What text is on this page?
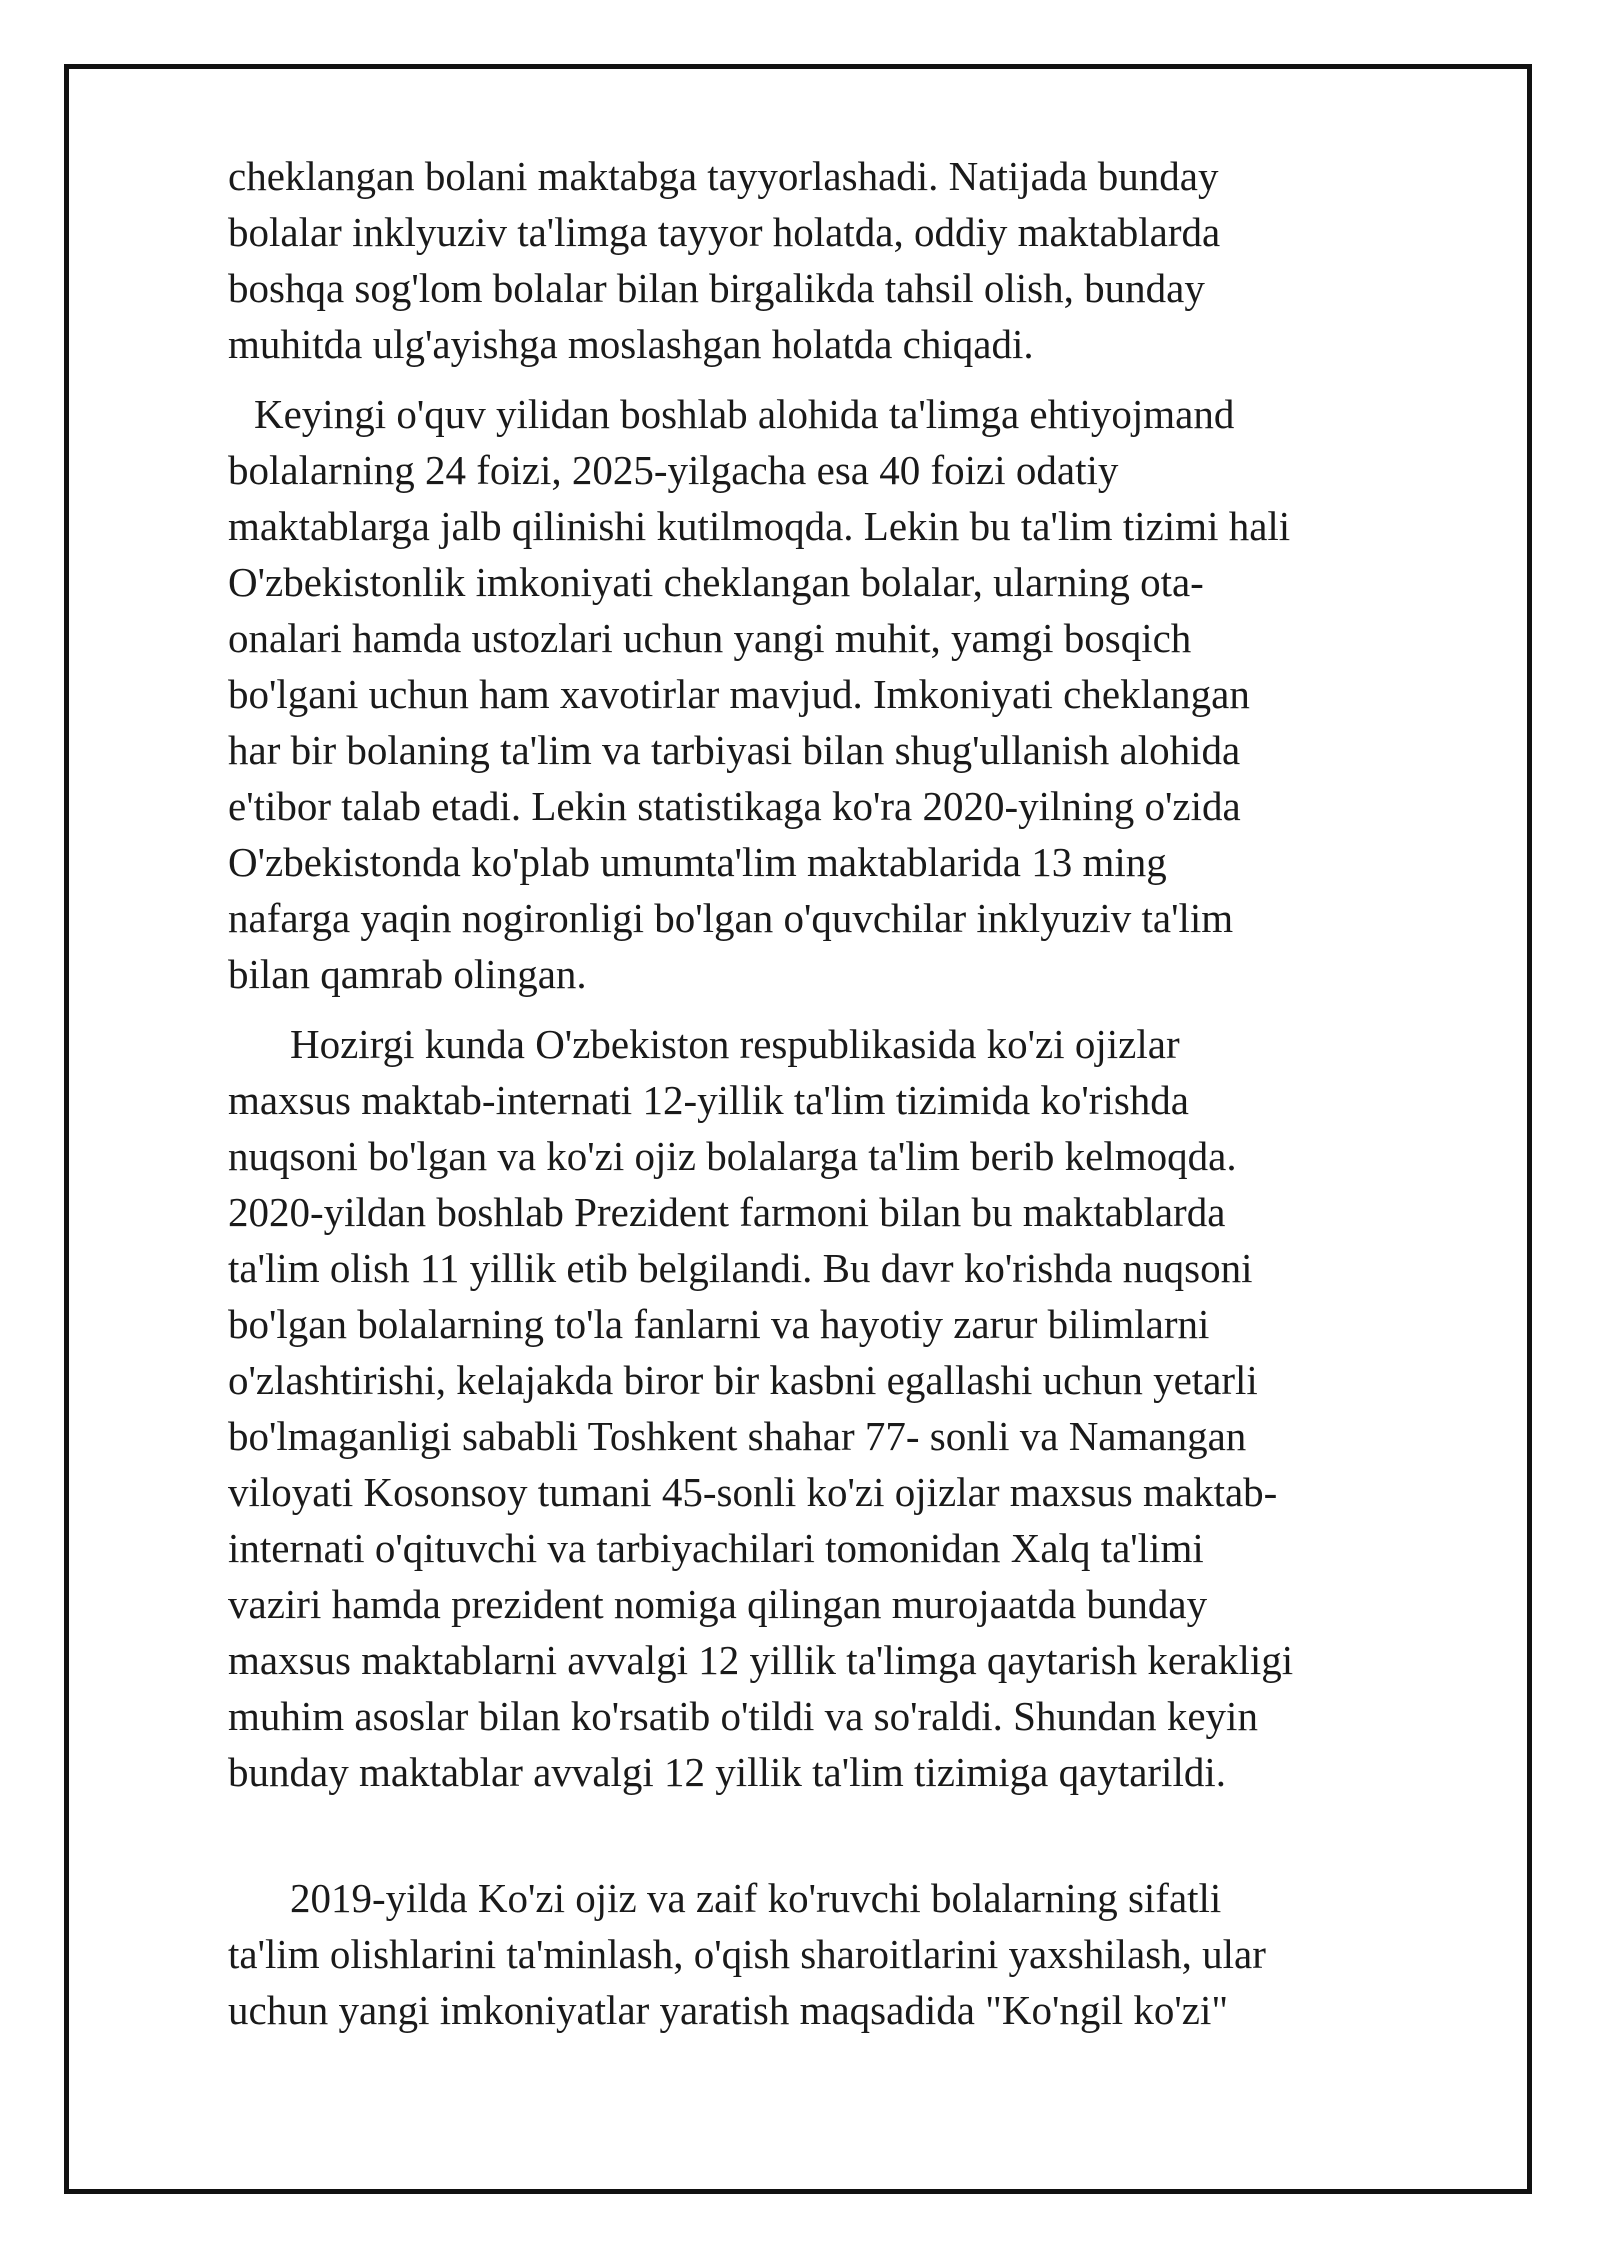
cheklangan bolani maktabga tayyorlashadi. Natijada bunday
bolalar inklyuziv ta'limga tayyor holatda, oddiy maktablarda
boshqa sog'lom bolalar bilan birgalikda tahsil olish, bunday
muhitda ulg'ayishga moslashgan holatda chiqadi.

Keyingi o'quv yilidan boshlab alohida ta'limga ehtiyojmand
bolalarning 24 foizi, 2025-yilgacha esa 40 foizi odatiy
maktablarga jalb qilinishi kutilmoqda. Lekin bu ta'lim tizimi hali
O'zbekistonlik imkoniyati cheklangan bolalar, ularning ota-
onalari hamda ustozlari uchun yangi muhit, yamgi bosqich
bo'lgani uchun ham xavotirlar mavjud. Imkoniyati cheklangan
har bir bolaning ta'lim va tarbiyasi bilan shug'ullanish alohida
e'tibor talab etadi. Lekin statistikaga ko'ra 2020-yilning o'zida
O'zbekistonda ko'plab umumta'lim maktablarida 13 ming
nafarga yaqin nogironligi bo'lgan o'quvchilar inklyuziv ta'lim
bilan qamrab olingan.

Hozirgi kunda O'zbekiston respublikasida ko'zi ojizlar
maxsus maktab-internati 12-yillik ta'lim tizimida ko'rishda
nuqsoni bo'lgan va ko'zi ojiz bolalarga ta'lim berib kelmoqda.
2020-yildan boshlab Prezident farmoni bilan bu maktablarda
ta'lim olish 11 yillik etib belgilandi. Bu davr ko'rishda nuqsoni
bo'lgan bolalarning to'la fanlarni va hayotiy zarur bilimlarni
o'zlashtirishi, kelajakda biror bir kasbni egallashi uchun yetarli
bo'lmaganligi sababli Toshkent shahar 77- sonli va Namangan
viloyati Kosonsoy tumani 45-sonli ko'zi ojizlar maxsus maktab-
internati o'qituvchi va tarbiyachilari tomonidan Xalq ta'limi
vaziri hamda prezident nomiga qilingan murojaatda bunday
maxsus maktablarni avvalgi 12 yillik ta'limga qaytarish kerakligi
muhim asoslar bilan ko'rsatib o'tildi va so'raldi. Shundan keyin
bunday maktablar avvalgi 12 yillik ta'lim tizimiga qaytarildi.

2019-yilda Ko'zi ojiz va zaif ko'ruvchi bolalarning sifatli
ta'lim olishlarini ta'minlash, o'qish sharoitlarini yaxshilash, ular
uchun yangi imkoniyatlar yaratish maqsadida "Ko'ngil ko'zi"
